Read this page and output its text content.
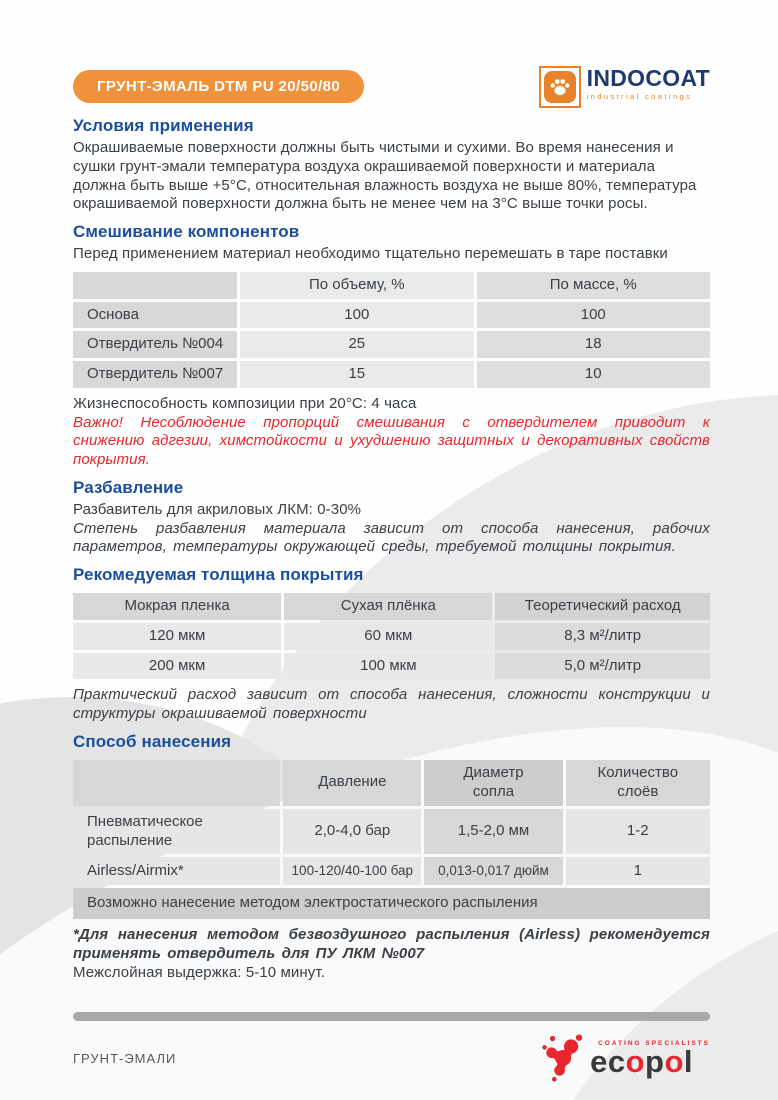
ГРУНТ-ЭМАЛЬ DTM PU 20/50/80	INDOCOAT
industrial coatings
Условия применения

Окрашиваемые поверхности должны быть чистыми и сухими. Во время нанесения и сушки грунт-эмали температура воздуха окрашиваемой поверхности и материала должна быть выше +5°С, относительная влажность воздуха не выше 80%, температура окрашиваемой поверхности должна быть не менее чем на 3°С выше точки росы.

Смешивание компонентов

Перед применением материал необходимо тщательно перемешать в таре поставки

	По объему, %	По массе, %
Основа	100	100
Отвердитель №004	25	18
Отвердитель №007	15	10

Жизнеспособность композиции при 20°С: 4 часа

Важно! Несоблюдение пропорций смешивания с отвердителем приводит к снижению адгезии, химстойкости и ухудшению защитных и декоративных свойств покрытия.

Разбавление

Разбавитель для акриловых ЛКМ: 0-30%

Степень разбавления материала зависит от способа нанесения, рабочих параметров, температуры окружающей среды, требуемой толщины покрытия.

Рекомедуемая толщина покрытия
Мокрая пленка	Сухая плёнка	Теоретический расход
120 мкм	60 мкм	8,3 м²/литр
200 мкм	100 мкм	5,0 м²/литр

Практический расход зависит от способа нанесения, сложности конструкции и структуры окрашиваемой поверхности

Способ нанесения
	Давление	Диаметр сопла	Количество слоёв
Пневматическое распыление	2,0-4,0 бар	1,5-2,0 мм	1-2
Airless/Airmix*	100-120/40-100 бар	0,013-0,017 дюйм	1
Возможно нанесение методом электростатического распыления			

*Для нанесения методом безвоздушного распыления (Airless) рекомендуется применять отвердитель для ПУ ЛКМ №007

Межслойная выдержка: 5-10 минут.

ГРУНТ-ЭМАЛИ
COATING SPECIALISTS
ecopol
